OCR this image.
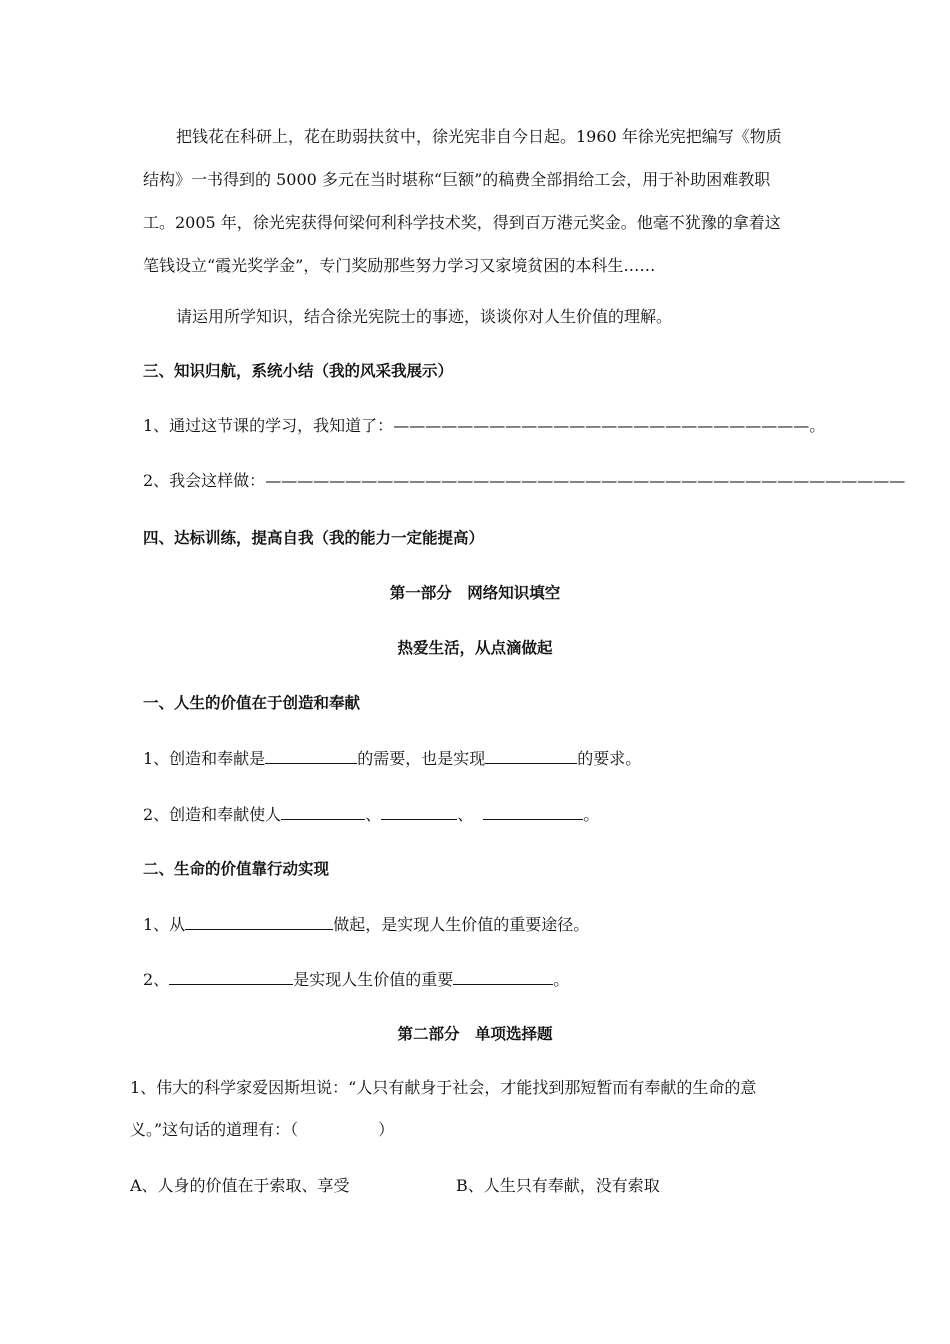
把钱花在科研上，花在助弱扶贫中，徐光宪非自今日起。1960 年徐光宪把编写《物质
结构》一书得到的 5000 多元在当时堪称“巨额”的稿费全部捐给工会，用于补助困难教职
工。2005 年，徐光宪获得何梁何利科学技术奖，得到百万港元奖金。他毫不犹豫的拿着这
笔钱设立“霞光奖学金”，专门奖励那些努力学习又家境贫困的本科生……
请运用所学知识，结合徐光宪院士的事迹，谈谈你对人生价值的理解。
三、知识归航，系统小结（我的风采我展示）
1、通过这节课的学习，我知道了：——————————————————————————。
2、我会这样做：————————————————————————————————————————
四、达标训练，提高自我（我的能力一定能提高）
第一部分　网络知识填空
热爱生活，从点滴做起
一、人生的价值在于创造和奉献
1、创造和奉献是	的需要，也是实现	的要求。
2、创造和奉献使人	、	、	。
二、生命的价值靠行动实现
1、从	做起，是实现人生价值的重要途径。
2、	是实现人生价值的重要	。
第二部分　单项选择题
1、伟大的科学家爱因斯坦说：“人只有献身于社会，才能找到那短暂而有奉献的生命的意
义。”这句话的道理有：（　　　　　）
A、人身的价值在于索取、享受	B、人生只有奉献，没有索取
